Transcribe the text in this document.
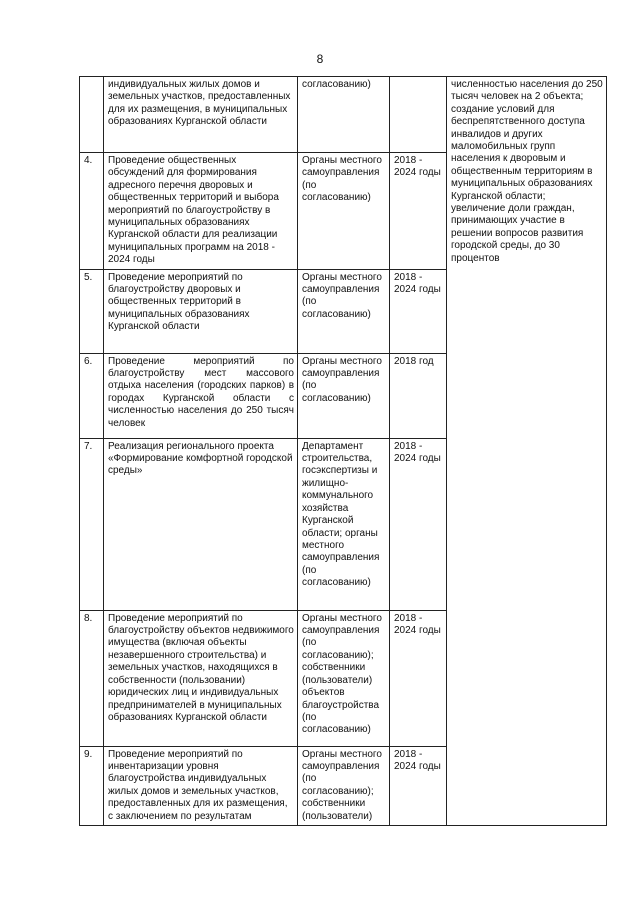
8
	индивидуальных жилых домов и земельных участков, предоставленных для их размещения, в муниципальных образованиях Курганской области	согласованию)		численностью населения до 250 тысяч человек на 2 объекта;
создание условий для беспрепятственного доступа инвалидов и других маломобильных групп населения к дворовым и общественным территориям в муниципальных образованиях Курганской области;
увеличение доли граждан, принимающих участие в решении вопросов развития городской среды, до 30 процентов
4.	Проведение общественных обсуждений для формирования адресного перечня дворовых и общественных территорий и выбора мероприятий по благоустройству в муниципальных образованиях Курганской области для реализации муниципальных программ на 2018 - 2024 годы	Органы местного самоуправления (по согласованию)	2018 - 2024 годы	
5.	Проведение мероприятий по благоустройству дворовых и общественных территорий в муниципальных образованиях Курганской области	Органы местного самоуправления (по согласованию)	2018 - 2024 годы	
6.	Проведение мероприятий по благоустройству мест массового отдыха населения (городских парков) в городах Курганской области с численностью населения до 250 тысяч человек	Органы местного самоуправления (по согласованию)	2018 год	
7.	Реализация регионального проекта «Формирование комфортной городской среды»	Департамент строительства, госэкспертизы и жилищно-коммунального хозяйства Курганской области; органы местного самоуправления (по согласованию)	2018 - 2024 годы	
8.	Проведение мероприятий по благоустройству объектов недвижимого имущества (включая объекты незавершенного строительства) и земельных участков, находящихся в собственности (пользовании) юридических лиц и индивидуальных предпринимателей в муниципальных образованиях Курганской области	Органы местного самоуправления (по согласованию); собственники (пользователи) объектов благоустройства (по согласованию)	2018 - 2024 годы	
9.	Проведение мероприятий по инвентаризации уровня благоустройства индивидуальных жилых домов и земельных участков, предоставленных для их размещения, с заключением по результатам	Органы местного самоуправления (по согласованию); собственники (пользователи)	2018 - 2024 годы	
